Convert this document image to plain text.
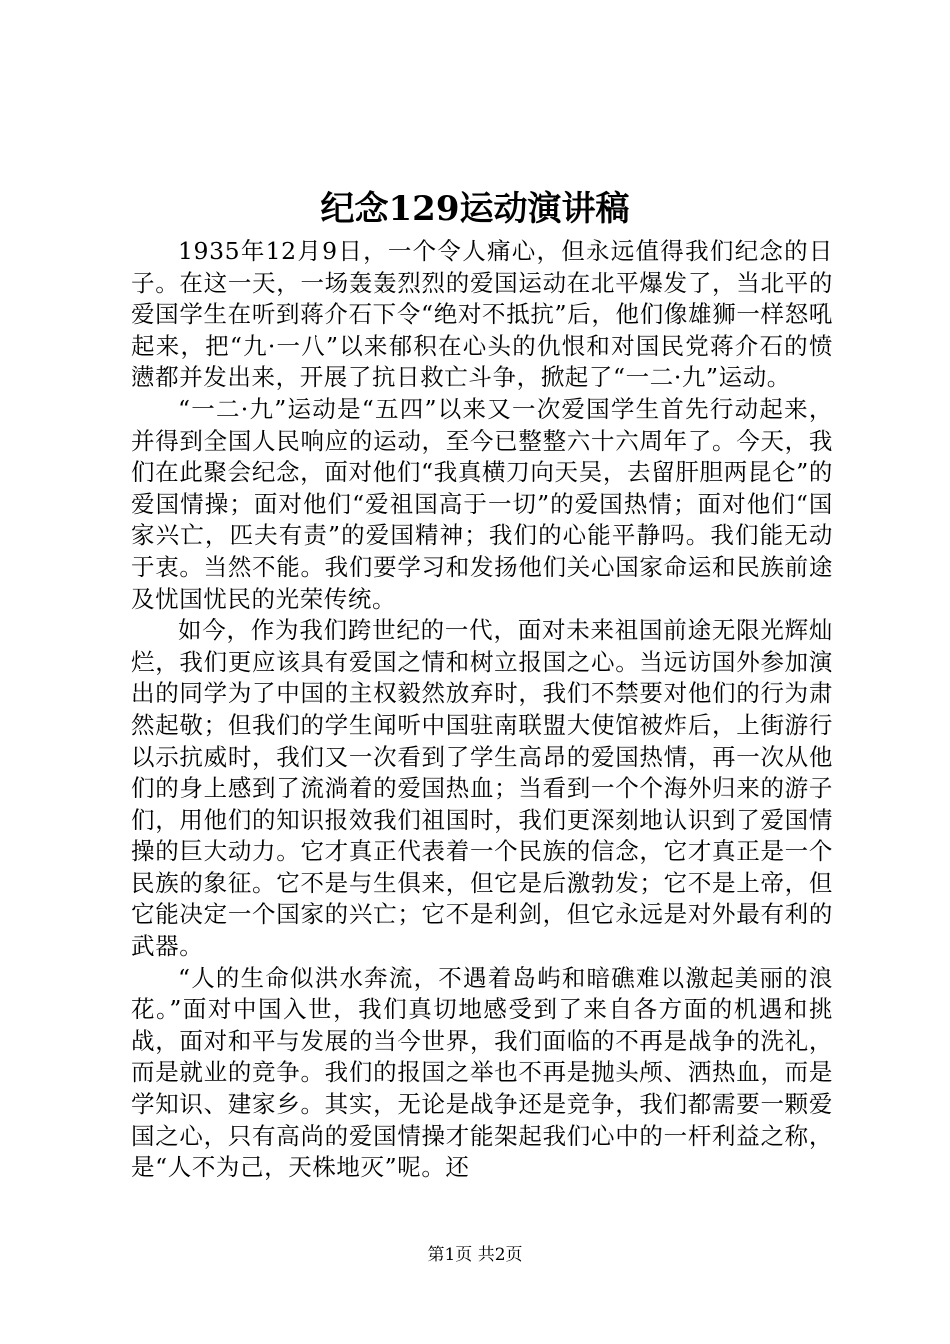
纪念129运动演讲稿

1935年12月9日，一个令人痛心，但永远值得我们纪念的日子。在这一天，一场轰轰烈烈的爱国运动在北平爆发了，当北平的爱国学生在听到蒋介石下令“绝对不抵抗”后，他们像雄狮一样怒吼起来，把“九·一八”以来郁积在心头的仇恨和对国民党蒋介石的愤懑都并发出来，开展了抗日救亡斗争，掀起了“一二·九”运动。

“一二·九”运动是“五四”以来又一次爱国学生首先行动起来，并得到全国人民响应的运动，至今已整整六十六周年了。今天，我们在此聚会纪念，面对他们“我真横刀向天吴，去留肝胆两昆仑”的爱国情操；面对他们“爱祖国高于一切”的爱国热情；面对他们“国家兴亡，匹夫有责”的爱国精神；我们的心能平静吗。我们能无动于衷。当然不能。我们要学习和发扬他们关心国家命运和民族前途及忧国忧民的光荣传统。

如今，作为我们跨世纪的一代，面对未来祖国前途无限光辉灿烂，我们更应该具有爱国之情和树立报国之心。当远访国外参加演出的同学为了中国的主权毅然放弃时，我们不禁要对他们的行为肃然起敬；但我们的学生闻听中国驻南联盟大使馆被炸后，上街游行以示抗威时，我们又一次看到了学生高昂的爱国热情，再一次从他们的身上感到了流淌着的爱国热血；当看到一个个海外归来的游子们，用他们的知识报效我们祖国时，我们更深刻地认识到了爱国情操的巨大动力。它才真正代表着一个民族的信念，它才真正是一个民族的象征。它不是与生俱来，但它是后激勃发；它不是上帝，但它能决定一个国家的兴亡；它不是利剑，但它永远是对外最有利的武器。

“人的生命似洪水奔流，不遇着岛屿和暗礁难以激起美丽的浪花。”面对中国入世，我们真切地感受到了来自各方面的机遇和挑战，面对和平与发展的当今世界，我们面临的不再是战争的洗礼，而是就业的竞争。我们的报国之举也不再是抛头颅、洒热血，而是学知识、建家乡。其实，无论是战争还是竞争，我们都需要一颗爱国之心，只有高尚的爱国情操才能架起我们心中的一杆利益之称，是“人不为己，天株地灭”呢。还

第1页 共2页
